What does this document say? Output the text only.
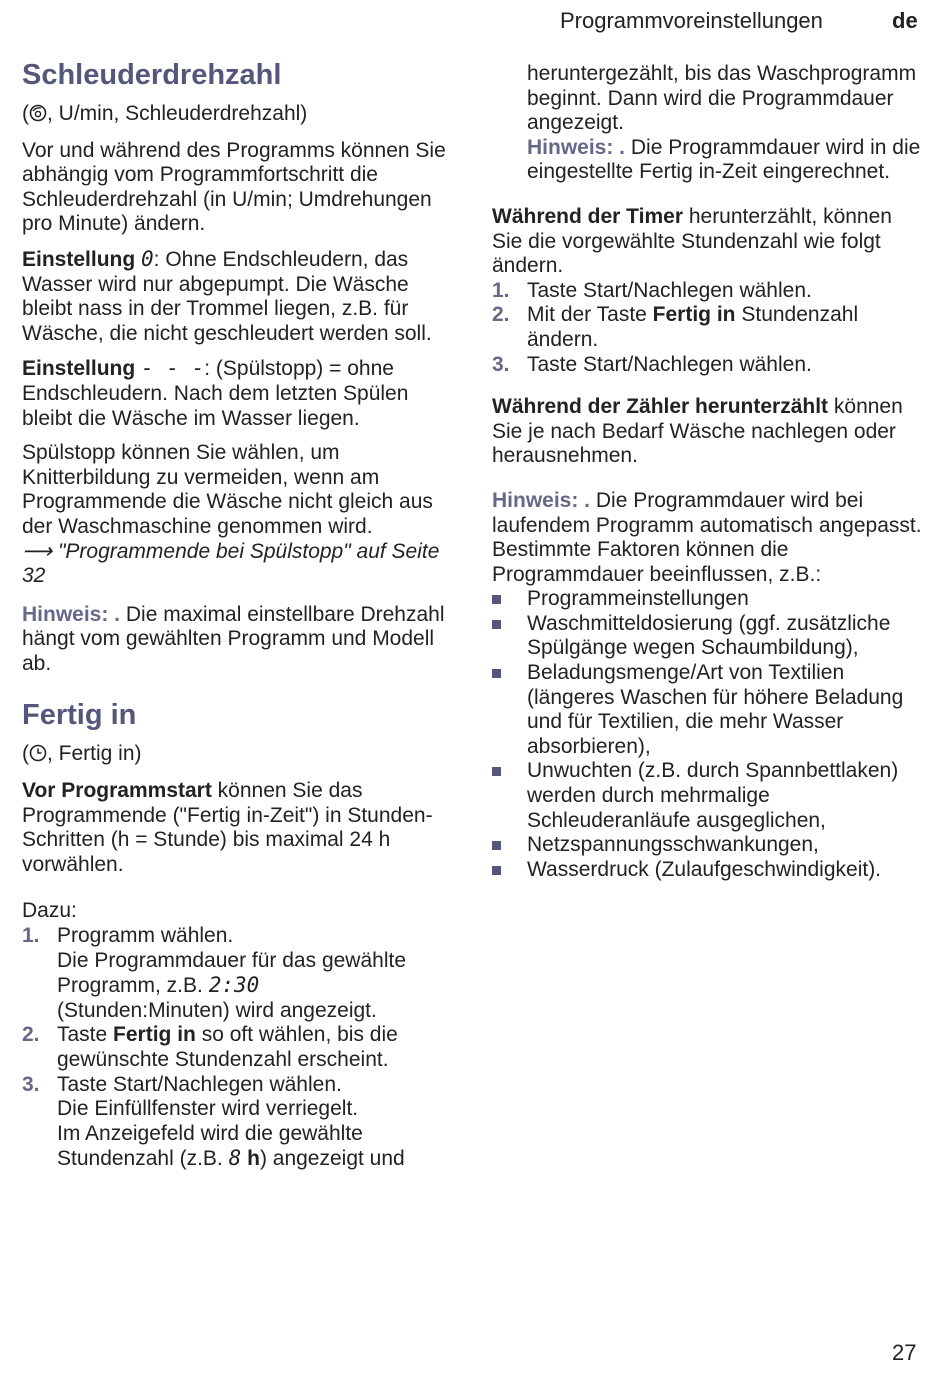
Programmvoreinstellungen	de
Schleuderdrehzahl

( , U/min, Schleuderdrehzahl)

Vor und während des Programms können Sie abhängig vom Programmfortschritt die Schleuderdrehzahl (in U/min; Umdrehungen pro Minute) ändern.

Einstellung 0: Ohne Endschleudern, das Wasser wird nur abgepumpt. Die Wäsche bleibt nass in der Trommel liegen, z.B. für Wäsche, die nicht geschleudert werden soll.

Einstellung - - -: (Spülstopp) = ohne Endschleudern. Nach dem letzten Spülen bleibt die Wäsche im Wasser liegen.

Spülstopp können Sie wählen, um Knitterbildung zu vermeiden, wenn am Programmende die Wäsche nicht gleich aus der Waschmaschine genommen wird.

⟶ "Programmende bei Spülstopp" auf Seite 32

Hinweis: . Die maximal einstellbare Drehzahl hängt vom gewählten Programm und Modell ab.

Fertig in

( , Fertig in)

Vor Programmstart können Sie das Programmende ("Fertig in-Zeit") in Stunden-Schritten (h = Stunde) bis maximal 24 h vorwählen.

Dazu:

1. Programm wählen.
Die Programmdauer für das gewählte Programm, z.B. 2:30
(Stunden:Minuten) wird angezeigt.
2. Taste Fertig in so oft wählen, bis die gewünschte Stundenzahl erscheint.
3. Taste Start/Nachlegen wählen.
Die Einfüllfenster wird verriegelt.
Im Anzeigefeld wird die gewählte Stundenzahl (z.B. 8 h) angezeigt und

heruntergezählt, bis das Waschprogramm beginnt. Dann wird die Programmdauer angezeigt.

Hinweis: . Die Programmdauer wird in die eingestellte Fertig in-Zeit eingerechnet.

Während der Timer herunterzählt, können Sie die vorgewählte Stundenzahl wie folgt ändern.

1. Taste Start/Nachlegen wählen.
2. Mit der Taste Fertig in Stundenzahl ändern.
3. Taste Start/Nachlegen wählen.

Während der Zähler herunterzählt können Sie je nach Bedarf Wäsche nachlegen oder herausnehmen.

Hinweis: . Die Programmdauer wird bei laufendem Programm automatisch angepasst.

Bestimmte Faktoren können die Programmdauer beeinflussen, z.B.:

Programmeinstellungen
Waschmitteldosierung (ggf. zusätzliche Spülgänge wegen Schaumbildung),
Beladungsmenge/Art von Textilien (längeres Waschen für höhere Beladung und für Textilien, die mehr Wasser absorbieren),
Unwuchten (z.B. durch Spannbettlaken) werden durch mehrmalige Schleuderanläufe ausgeglichen,
Netzspannungsschwankungen,
Wasserdruck (Zulaufgeschwindigkeit).
27
